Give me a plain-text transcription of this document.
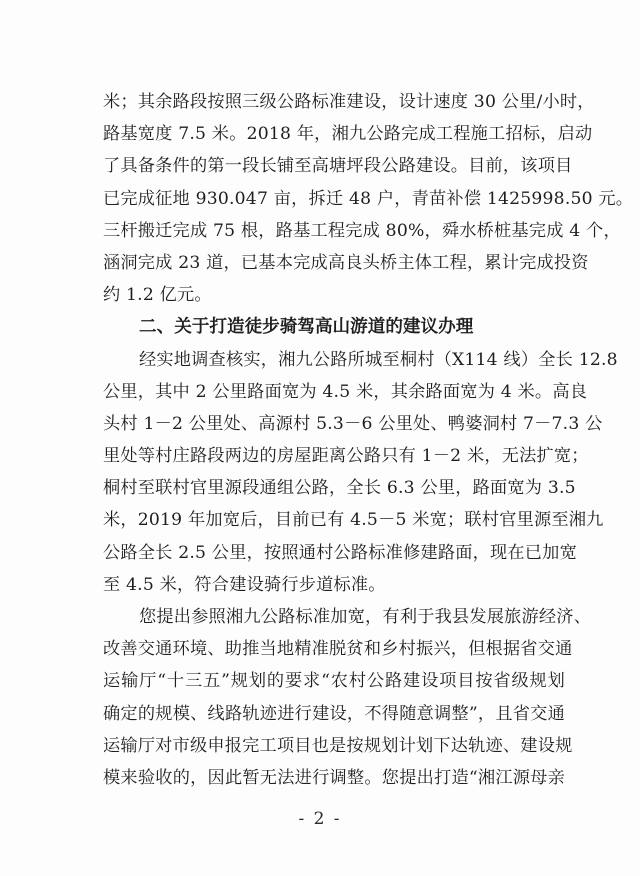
米；其余路段按照三级公路标准建设，设计速度 30 公里/小时，
路基宽度 7.5 米。2018 年，湘九公路完成工程施工招标，启动
了具备条件的第一段长铺至高塘坪段公路建设。目前，该项目
已完成征地 930.047 亩，拆迁 48 户，青苗补偿 1425998.50 元。
三杆搬迁完成 75 根，路基工程完成 80%，舜水桥桩基完成 4 个，
涵洞完成 23 道，已基本完成高良头桥主体工程，累计完成投资
约 1.2 亿元。
二、关于打造徒步骑驾高山游道的建议办理
经实地调查核实，湘九公路所城至桐村（X114 线）全长 12.8
公里，其中 2 公里路面宽为 4.5 米，其余路面宽为 4 米。高良
头村 1－2 公里处、高源村 5.3－6 公里处、鸭婆洞村 7－7.3 公
里处等村庄路段两边的房屋距离公路只有 1－2 米，无法扩宽；
桐村至联村官里源段通组公路，全长 6.3 公里，路面宽为 3.5
米，2019 年加宽后，目前已有 4.5－5 米宽；联村官里源至湘九
公路全长 2.5 公里，按照通村公路标准修建路面，现在已加宽
至 4.5 米，符合建设骑行步道标准。
您提出参照湘九公路标准加宽，有利于我县发展旅游经济、
改善交通环境、助推当地精准脱贫和乡村振兴，但根据省交通
运输厅“十三五”规划的要求“农村公路建设项目按省级规划
确定的规模、线路轨迹进行建设，不得随意调整”，且省交通
运输厅对市级申报完工项目也是按规划计划下达轨迹、建设规
模来验收的，因此暂无法进行调整。您提出打造“湘江源母亲
- 2 -
